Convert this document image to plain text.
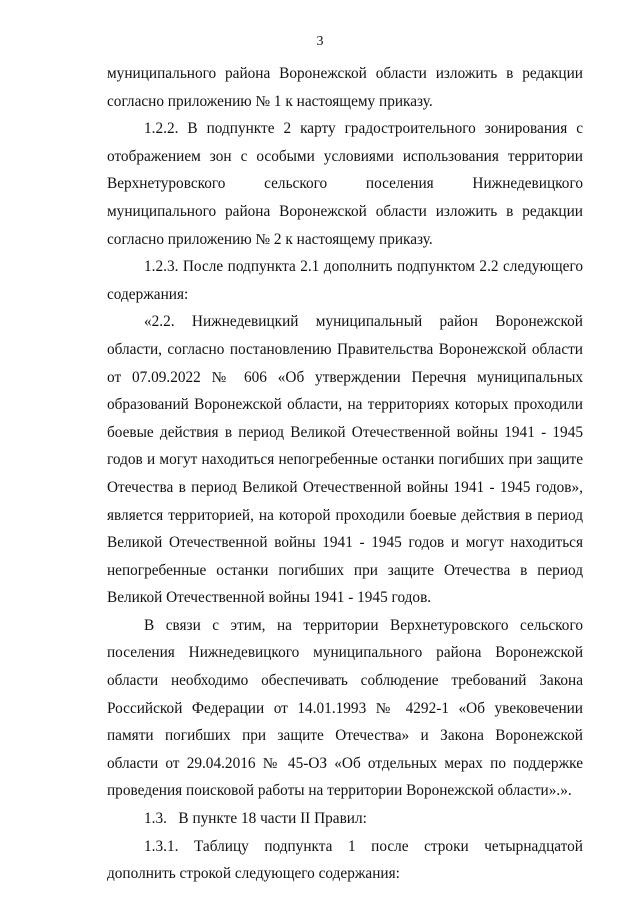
3

муниципального района Воронежской области изложить в редакции согласно приложению № 1 к настоящему приказу.

1.2.2. В подпункте 2 карту градостроительного зонирования с отображением зон с особыми условиями использования территории Верхнетуровского сельского поселения Нижнедевицкого муниципального района Воронежской области изложить в редакции согласно приложению № 2 к настоящему приказу.

1.2.3. После подпункта 2.1 дополнить подпунктом 2.2 следующего содержания:

«2.2. Нижнедевицкий муниципальный район Воронежской области, согласно постановлению Правительства Воронежской области от 07.09.2022 № 606 «Об утверждении Перечня муниципальных образований Воронежской области, на территориях которых проходили боевые действия в период Великой Отечественной войны 1941 - 1945 годов и могут находиться непогребенные останки погибших при защите Отечества в период Великой Отечественной войны 1941 - 1945 годов», является территорией, на которой проходили боевые действия в период Великой Отечественной войны 1941 - 1945 годов и могут находиться непогребенные останки погибших при защите Отечества в период Великой Отечественной войны 1941 - 1945 годов.

В связи с этим, на территории Верхнетуровского сельского поселения Нижнедевицкого муниципального района Воронежской области необходимо обеспечивать соблюдение требований Закона Российской Федерации от 14.01.1993 № 4292-1 «Об увековечении памяти погибших при защите Отечества» и Закона Воронежской области от 29.04.2016 № 45-ОЗ «Об отдельных мерах по поддержке проведения поисковой работы на территории Воронежской области».».

1.3.   В пункте 18 части II Правил:

1.3.1. Таблицу подпункта 1 после строки четырнадцатой дополнить строкой следующего содержания:
